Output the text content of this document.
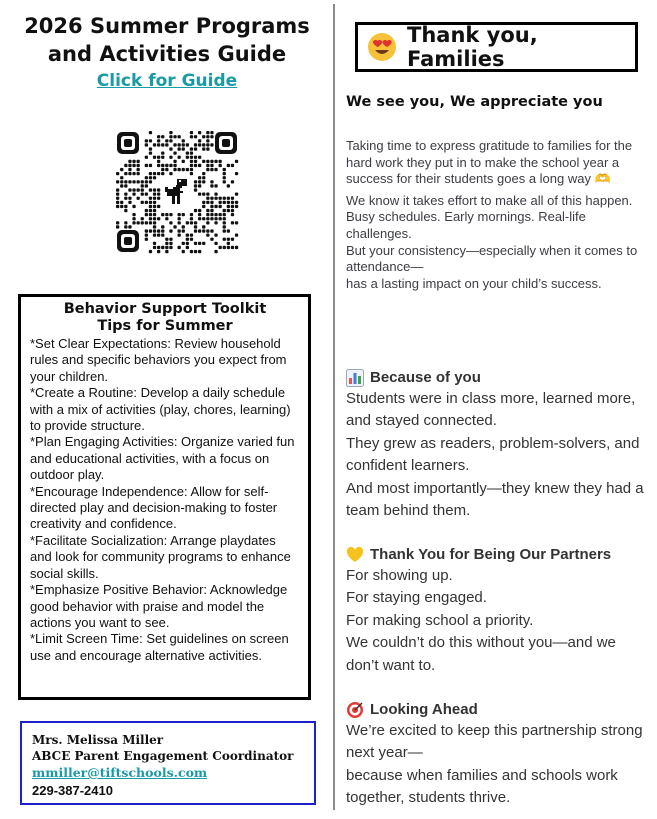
2026 Summer Programs
and Activities Guide
Click for Guide
Behavior Support Toolkit
Tips for Summer

*Set Clear Expectations: Review household rules and specific behaviors you expect from your children.

*Create a Routine: Develop a daily schedule with a mix of activities (play, chores, learning) to provide structure.

*Plan Engaging Activities: Organize varied fun and educational activities, with a focus on outdoor play.

*Encourage Independence: Allow for self-directed play and decision-making to foster creativity and confidence.

*Facilitate Socialization: Arrange playdates and look for community programs to enhance social skills.

*Emphasize Positive Behavior: Acknowledge good behavior with praise and model the actions you want to see.

*Limit Screen Time: Set guidelines on screen use and encourage alternative activities.

Mrs. Melissa Miller
ABCE Parent Engagement Coordinator
mmiller@tiftschools.com
229-387-2410
Thank you, Families
We see you, We appreciate you

Taking time to express gratitude to families for the hard work they put in to make the school year a success for their students goes a long way 🫶

We know it takes effort to make all of this happen.
Busy schedules. Early mornings. Real-life challenges.
But your consistency—especially when it comes to attendance—
has a lasting impact on your child’s success.
Because of you

Students were in class more, learned more, and stayed connected.

They grew as readers, problem-solvers, and confident learners.

And most importantly—they knew they had a team behind them.

Thank You for Being Our Partners

For showing up.

For staying engaged.

For making school a priority.

We couldn’t do this without you—and we don’t want to.

Looking Ahead

We’re excited to keep this partnership strong next year—

because when families and schools work together, students thrive.
